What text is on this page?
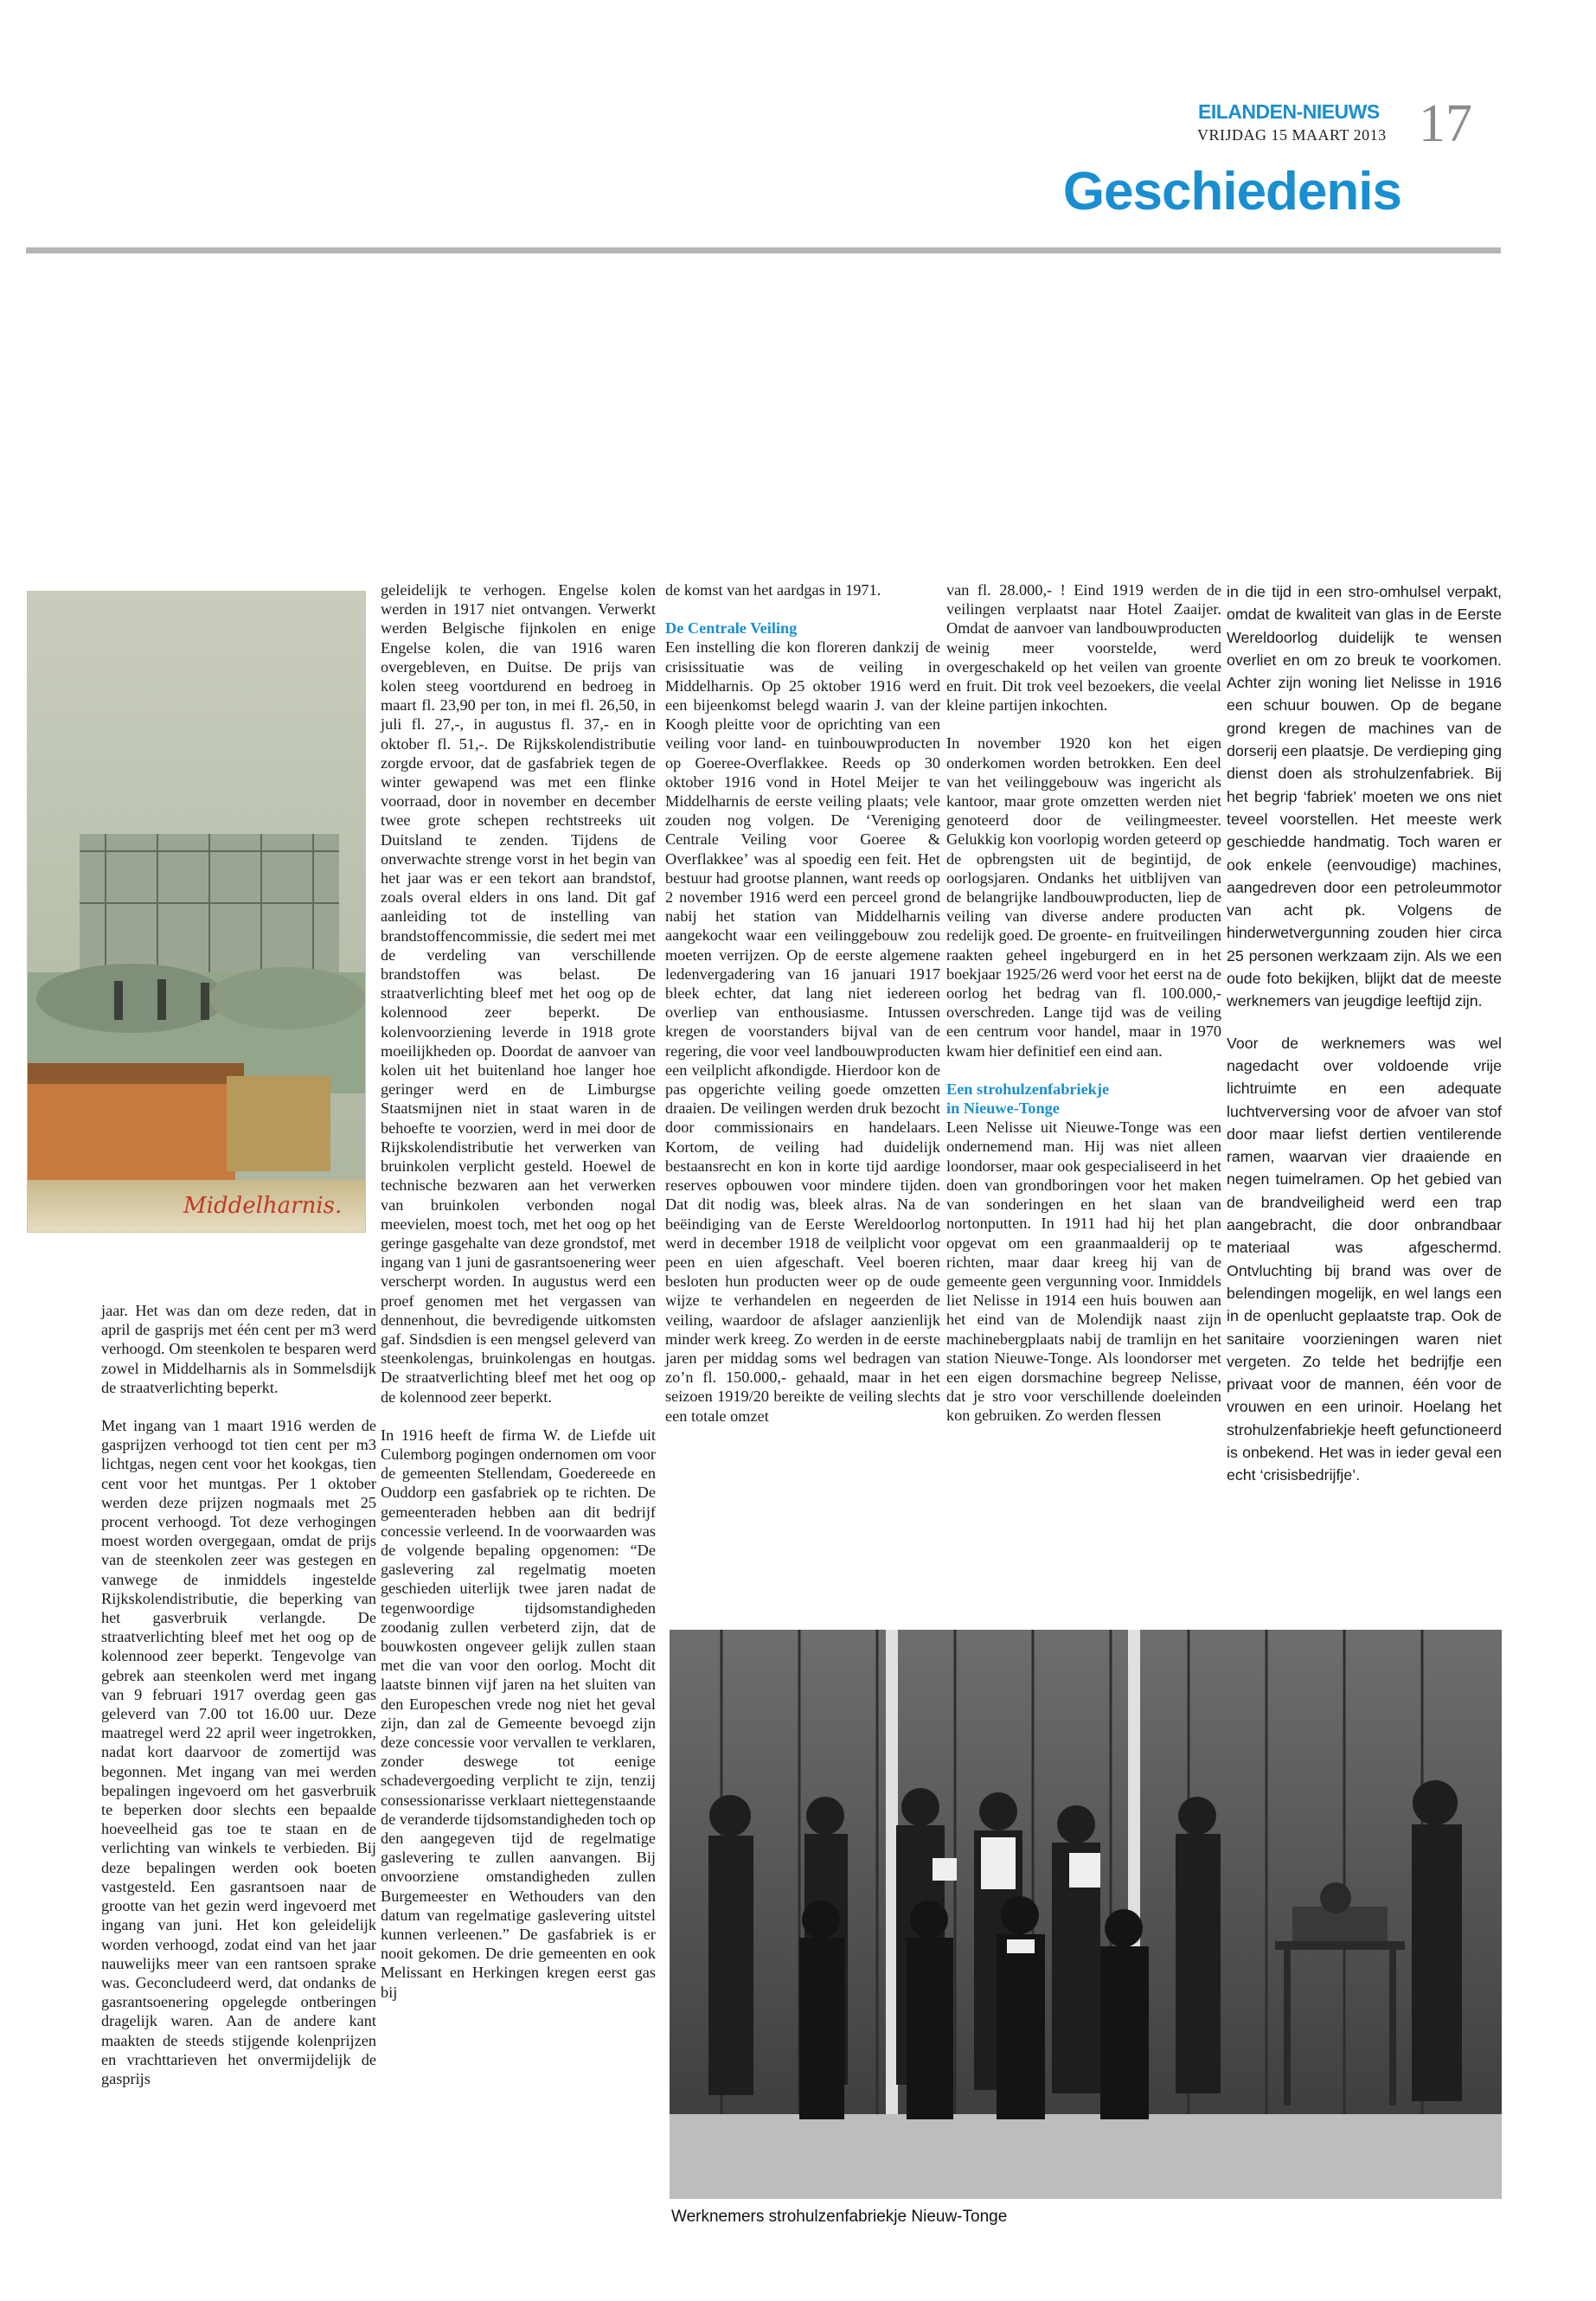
EILANDEN-NIEUWS
VRIJDAG 15 MAART 2013 17
Geschiedenis
Middelharnis.

jaar. Het was dan om deze reden, dat in april de gasprijs met één cent per m3 werd verhoogd. Om steenkolen te besparen werd zowel in Middelharnis als in Sommelsdijk de straatverlichting beperkt.

Met ingang van 1 maart 1916 werden de gasprijzen verhoogd tot tien cent per m3 lichtgas, negen cent voor het kookgas, tien cent voor het muntgas. Per 1 oktober werden deze prijzen nogmaals met 25 procent verhoogd. Tot deze verhogingen moest worden overgegaan, omdat de prijs van de steenkolen zeer was gestegen en vanwege de inmiddels ingestelde Rijkskolendistributie, die beperking van het gasverbruik verlangde. De straatverlichting bleef met het oog op de kolennood zeer beperkt. Tengevolge van gebrek aan steenkolen werd met ingang van 9 februari 1917 overdag geen gas geleverd van 7.00 tot 16.00 uur. Deze maatregel werd 22 april weer ingetrokken, nadat kort daarvoor de zomertijd was begonnen. Met ingang van mei werden bepalingen ingevoerd om het gasverbruik te beperken door slechts een bepaalde hoeveelheid gas toe te staan en de verlichting van winkels te verbieden. Bij deze bepalingen werden ook boeten vastgesteld. Een gasrantsoen naar de grootte van het gezin werd ingevoerd met ingang van juni. Het kon geleidelijk worden verhoogd, zodat eind van het jaar nauwelijks meer van een rantsoen sprake was. Geconcludeerd werd, dat ondanks de gasrantsoenering opgelegde ontberingen dragelijk waren. Aan de andere kant maakten de steeds stijgende kolenprijzen en vrachttarieven het onvermijdelijk de gasprijs

geleidelijk te verhogen. Engelse kolen werden in 1917 niet ontvangen. Verwerkt werden Belgische fijnkolen en enige Engelse kolen, die van 1916 waren overgebleven, en Duitse. De prijs van kolen steeg voortdurend en bedroeg in maart fl. 23,90 per ton, in mei fl. 26,50, in juli fl. 27,-, in augustus fl. 37,- en in oktober fl. 51,-. De Rijkskolendistributie zorgde ervoor, dat de gasfabriek tegen de winter gewapend was met een flinke voorraad, door in november en december twee grote schepen rechtstreeks uit Duitsland te zenden. Tijdens de onverwachte strenge vorst in het begin van het jaar was er een tekort aan brandstof, zoals overal elders in ons land. Dit gaf aanleiding tot de instelling van brandstoffencommissie, die sedert mei met de verdeling van verschillende brandstoffen was belast. De straatverlichting bleef met het oog op de kolennood zeer beperkt. De kolenvoorziening leverde in 1918 grote moeilijkheden op. Doordat de aanvoer van kolen uit het buitenland hoe langer hoe geringer werd en de Limburgse Staatsmijnen niet in staat waren in de behoefte te voorzien, werd in mei door de Rijkskolendistributie het verwerken van bruinkolen verplicht gesteld. Hoewel de technische bezwaren aan het verwerken van bruinkolen verbonden nogal meevielen, moest toch, met het oog op het geringe gasgehalte van deze grondstof, met ingang van 1 juni de gasrantsoenering weer verscherpt worden. In augustus werd een proef genomen met het vergassen van dennenhout, die bevredigende uitkomsten gaf. Sindsdien is een mengsel geleverd van steenkolengas, bruinkolengas en houtgas. De straatverlichting bleef met het oog op de kolennood zeer beperkt.

In 1916 heeft de firma W. de Liefde uit Culemborg pogingen ondernomen om voor de gemeenten Stellendam, Goedereede en Ouddorp een gasfabriek op te richten. De gemeenteraden hebben aan dit bedrijf concessie verleend. In de voorwaarden was de volgende bepaling opgenomen: “De gaslevering zal regelmatig moeten geschieden uiterlijk twee jaren nadat de tegenwoordige tijdsomstandigheden zoodanig zullen verbeterd zijn, dat de bouwkosten ongeveer gelijk zullen staan met die van voor den oorlog. Mocht dit laatste binnen vijf jaren na het sluiten van den Europeschen vrede nog niet het geval zijn, dan zal de Gemeente bevoegd zijn deze concessie voor vervallen te verklaren, zonder deswege tot eenige schadevergoeding verplicht te zijn, tenzij consessionarisse verklaart niettegenstaande de veranderde tijdsomstandigheden toch op den aangegeven tijd de regelmatige gaslevering te zullen aanvangen. Bij onvoorziene omstandigheden zullen Burgemeester en Wethouders van den datum van regelmatige gaslevering uitstel kunnen verleenen.” De gasfabriek is er nooit gekomen. De drie gemeenten en ook Melissant en Herkingen kregen eerst gas bij

de komst van het aardgas in 1971.

De Centrale Veiling

Een instelling die kon floreren dankzij de crisissituatie was de veiling in Middelharnis. Op 25 oktober 1916 werd een bijeenkomst belegd waarin J. van der Koogh pleitte voor de oprichting van een veiling voor land- en tuinbouwproducten op Goeree-Overflakkee. Reeds op 30 oktober 1916 vond in Hotel Meijer te Middelharnis de eerste veiling plaats; vele zouden nog volgen. De ‘Vereniging Centrale Veiling voor Goeree & Overflakkee’ was al spoedig een feit. Het bestuur had grootse plannen, want reeds op 2 november 1916 werd een perceel grond nabij het station van Middelharnis aangekocht waar een veilinggebouw zou moeten verrijzen. Op de eerste algemene ledenvergadering van 16 januari 1917 bleek echter, dat lang niet iedereen overliep van enthousiasme. Intussen kregen de voorstanders bijval van de regering, die voor veel landbouwproducten een veilplicht afkondigde. Hierdoor kon de pas opgerichte veiling goede omzetten draaien. De veilingen werden druk bezocht door commissionairs en handelaars. Kortom, de veiling had duidelijk bestaansrecht en kon in korte tijd aardige reserves opbouwen voor mindere tijden. Dat dit nodig was, bleek alras. Na de beëindiging van de Eerste Wereldoorlog werd in december 1918 de veilplicht voor peen en uien afgeschaft. Veel boeren besloten hun producten weer op de oude wijze te verhandelen en negeerden de veiling, waardoor de afslager aanzienlijk minder werk kreeg. Zo werden in de eerste jaren per middag soms wel bedragen van zo’n fl. 150.000,- gehaald, maar in het seizoen 1919/20 bereikte de veiling slechts een totale omzet

van fl. 28.000,- ! Eind 1919 werden de veilingen verplaatst naar Hotel Zaaijer. Omdat de aanvoer van landbouwproducten weinig meer voorstelde, werd overgeschakeld op het veilen van groente en fruit. Dit trok veel bezoekers, die veelal kleine partijen inkochten.

In november 1920 kon het eigen onderkomen worden betrokken. Een deel van het veilinggebouw was ingericht als kantoor, maar grote omzetten werden niet genoteerd door de veilingmeester. Gelukkig kon voorlopig worden geteerd op de opbrengsten uit de begintijd, de oorlogsjaren. Ondanks het uitblijven van de belangrijke landbouwproducten, liep de veiling van diverse andere producten redelijk goed. De groente- en fruitveilingen raakten geheel ingeburgerd en in het boekjaar 1925/26 werd voor het eerst na de oorlog het bedrag van fl. 100.000,- overschreden. Lange tijd was de veiling een centrum voor handel, maar in 1970 kwam hier definitief een eind aan.

Een strohulzenfabriekje

in Nieuwe-Tonge

Leen Nelisse uit Nieuwe-Tonge was een ondernemend man. Hij was niet alleen loondorser, maar ook gespecialiseerd in het doen van grondboringen voor het maken van sonderingen en het slaan van nortonputten. In 1911 had hij het plan opgevat om een graanmaalderij op te richten, maar daar kreeg hij van de gemeente geen vergunning voor. Inmiddels liet Nelisse in 1914 een huis bouwen aan het eind van de Molendijk naast zijn machinebergplaats nabij de tramlijn en het station Nieuwe-Tonge. Als loondorser met een eigen dorsmachine begreep Nelisse, dat je stro voor verschillende doeleinden kon gebruiken. Zo werden flessen

in die tijd in een stro-omhulsel verpakt, omdat de kwaliteit van glas in de Eerste Wereldoorlog duidelijk te wensen overliet en om zo breuk te voorkomen. Achter zijn woning liet Nelisse in 1916 een schuur bouwen. Op de begane grond kregen de machines van de dorserij een plaatsje. De verdieping ging dienst doen als strohulzenfabriek. Bij het begrip ‘fabriek’ moeten we ons niet teveel voorstellen. Het meeste werk geschiedde handmatig. Toch waren er ook enkele (eenvoudige) machines, aangedreven door een petroleummotor van acht pk. Volgens de hinderwetvergunning zouden hier circa 25 personen werkzaam zijn. Als we een oude foto bekijken, blijkt dat de meeste werknemers van jeugdige leeftijd zijn.

Voor de werknemers was wel nagedacht over voldoende vrije lichtruimte en een adequate luchtverversing voor de afvoer van stof door maar liefst dertien ventilerende ramen, waarvan vier draaiende en negen tuimelramen. Op het gebied van de brandveiligheid werd een trap aangebracht, die door onbrandbaar materiaal was afgeschermd. Ontvluchting bij brand was over de belendingen mogelijk, en wel langs een in de openlucht geplaatste trap. Ook de sanitaire voorzieningen waren niet vergeten. Zo telde het bedrijfje een privaat voor de mannen, één voor de vrouwen en een urinoir. Hoelang het strohulzenfabriekje heeft gefunctioneerd is onbekend. Het was in ieder geval een echt ‘crisisbedrijfje’.

Werknemers strohulzenfabriekje Nieuw-Tonge
